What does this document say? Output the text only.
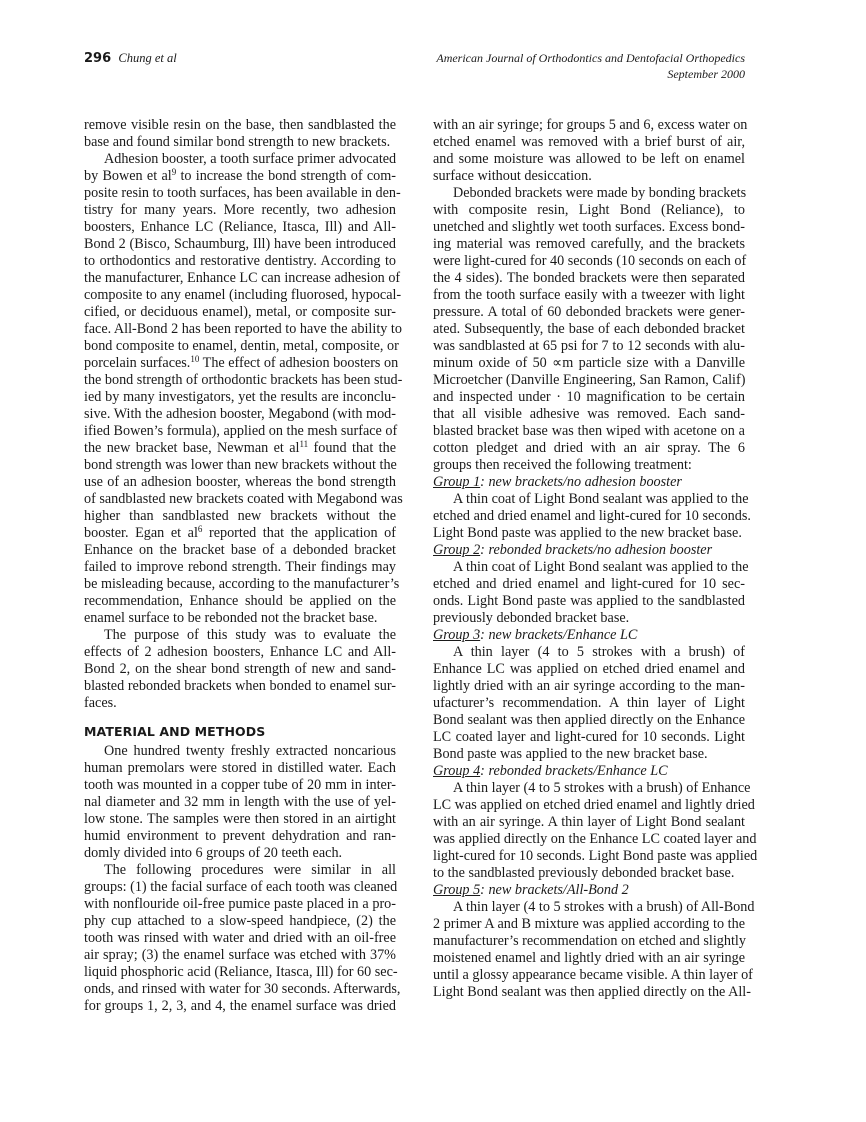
296 Chung et al	American Journal of Orthodontics and Dentofacial Orthopedics
September 2000
remove visible resin on the base, then sandblasted the
base and found similar bond strength to new brackets.
Adhesion booster, a tooth surface primer advocated
by Bowen et $al^9$ to increase the bond strength of com-
posite resin to tooth surfaces, has been available in den-
tistry for many years. More recently, two adhesion
boosters, Enhance LC (Reliance, Itasca, Ill) and All-
Bond 2 (Bisco, Schaumburg, Ill) have been introduced
to orthodontics and restorative dentistry. According to
the manufacturer, Enhance LC can increase adhesion of
composite to any enamel (including fluorosed, hypocal-
cified, or deciduous enamel), metal, or composite sur-
face. All-Bond 2 has been reported to have the ability to
bond composite to enamel, dentin, metal, composite, or
porcelain surfaces.$^{10}$ The effect of adhesion boosters on
the bond strength of orthodontic brackets has been stud-
ied by many investigators, yet the results are inconclu-
sive. With the adhesion booster, Megabond (with mod-
ified Bowen’s formula), applied on the mesh surface of
the new bracket base, Newman et $al^{11}$ found that the
bond strength was lower than new brackets without the
use of an adhesion booster, whereas the bond strength
of sandblasted new brackets coated with Megabond was
higher than sandblasted new brackets without the
booster. Egan et $al^6$ reported that the application of
Enhance on the bracket base of a debonded bracket
failed to improve rebond strength. Their findings may
be misleading because, according to the manufacturer’s
recommendation, Enhance should be applied on the
enamel surface to be rebonded not the bracket base.
The purpose of this study was to evaluate the
effects of 2 adhesion boosters, Enhance LC and All-
Bond 2, on the shear bond strength of new and sand-
blasted rebonded brackets when bonded to enamel sur-
faces.
MATERIAL AND METHODS
One hundred twenty freshly extracted noncarious
human premolars were stored in distilled water. Each
tooth was mounted in a copper tube of 20 mm in inter-
nal diameter and 32 mm in length with the use of yel-
low stone. The samples were then stored in an airtight
humid environment to prevent dehydration and ran-
domly divided into 6 groups of 20 teeth each.
The following procedures were similar in all
groups: (1) the facial surface of each tooth was cleaned
with nonflouride oil-free pumice paste placed in a pro-
phy cup attached to a slow-speed handpiece, (2) the
tooth was rinsed with water and dried with an oil-free
air spray; (3) the enamel surface was etched with 37%
liquid phosphoric acid (Reliance, Itasca, Ill) for 60 sec-
onds, and rinsed with water for 30 seconds. Afterwards,
for groups 1, 2, 3, and 4, the enamel surface was dried
with an air syringe; for groups 5 and 6, excess water on
etched enamel was removed with a brief burst of air,
and some moisture was allowed to be left on enamel
surface without desiccation.
Debonded brackets were made by bonding brackets
with composite resin, Light Bond (Reliance), to
unetched and slightly wet tooth surfaces. Excess bond-
ing material was removed carefully, and the brackets
were light-cured for 40 seconds (10 seconds on each of
the 4 sides). The bonded brackets were then separated
from the tooth surface easily with a tweezer with light
pressure. A total of 60 debonded brackets were gener-
ated. Subsequently, the base of each debonded bracket
was sandblasted at 65 psi for 7 to 12 seconds with alu-
minum oxide of 50 ∝m particle size with a Danville
Microetcher (Danville Engineering, San Ramon, Calif)
and inspected under · 10 magnification to be certain
that all visible adhesive was removed. Each sand-
blasted bracket base was then wiped with acetone on a
cotton pledget and dried with an air spray. The 6
groups then received the following treatment:
Group 1: new brackets/no adhesion booster
A thin coat of Light Bond sealant was applied to the
etched and dried enamel and light-cured for 10 seconds.
Light Bond paste was applied to the new bracket base.
Group 2: rebonded brackets/no adhesion booster
A thin coat of Light Bond sealant was applied to the
etched and dried enamel and light-cured for 10 sec-
onds. Light Bond paste was applied to the sandblasted
previously debonded bracket base.
Group 3: new brackets/Enhance LC
A thin layer (4 to 5 strokes with a brush) of
Enhance LC was applied on etched dried enamel and
lightly dried with an air syringe according to the man-
ufacturer’s recommendation. A thin layer of Light
Bond sealant was then applied directly on the Enhance
LC coated layer and light-cured for 10 seconds. Light
Bond paste was applied to the new bracket base.
Group 4: rebonded brackets/Enhance LC
A thin layer (4 to 5 strokes with a brush) of Enhance
LC was applied on etched dried enamel and lightly dried
with an air syringe. A thin layer of Light Bond sealant
was applied directly on the Enhance LC coated layer and
light-cured for 10 seconds. Light Bond paste was applied
to the sandblasted previously debonded bracket base.
Group 5: new brackets/All-Bond 2
A thin layer (4 to 5 strokes with a brush) of All-Bond
2 primer A and B mixture was applied according to the
manufacturer’s recommendation on etched and slightly
moistened enamel and lightly dried with an air syringe
until a glossy appearance became visible. A thin layer of
Light Bond sealant was then applied directly on the All-
